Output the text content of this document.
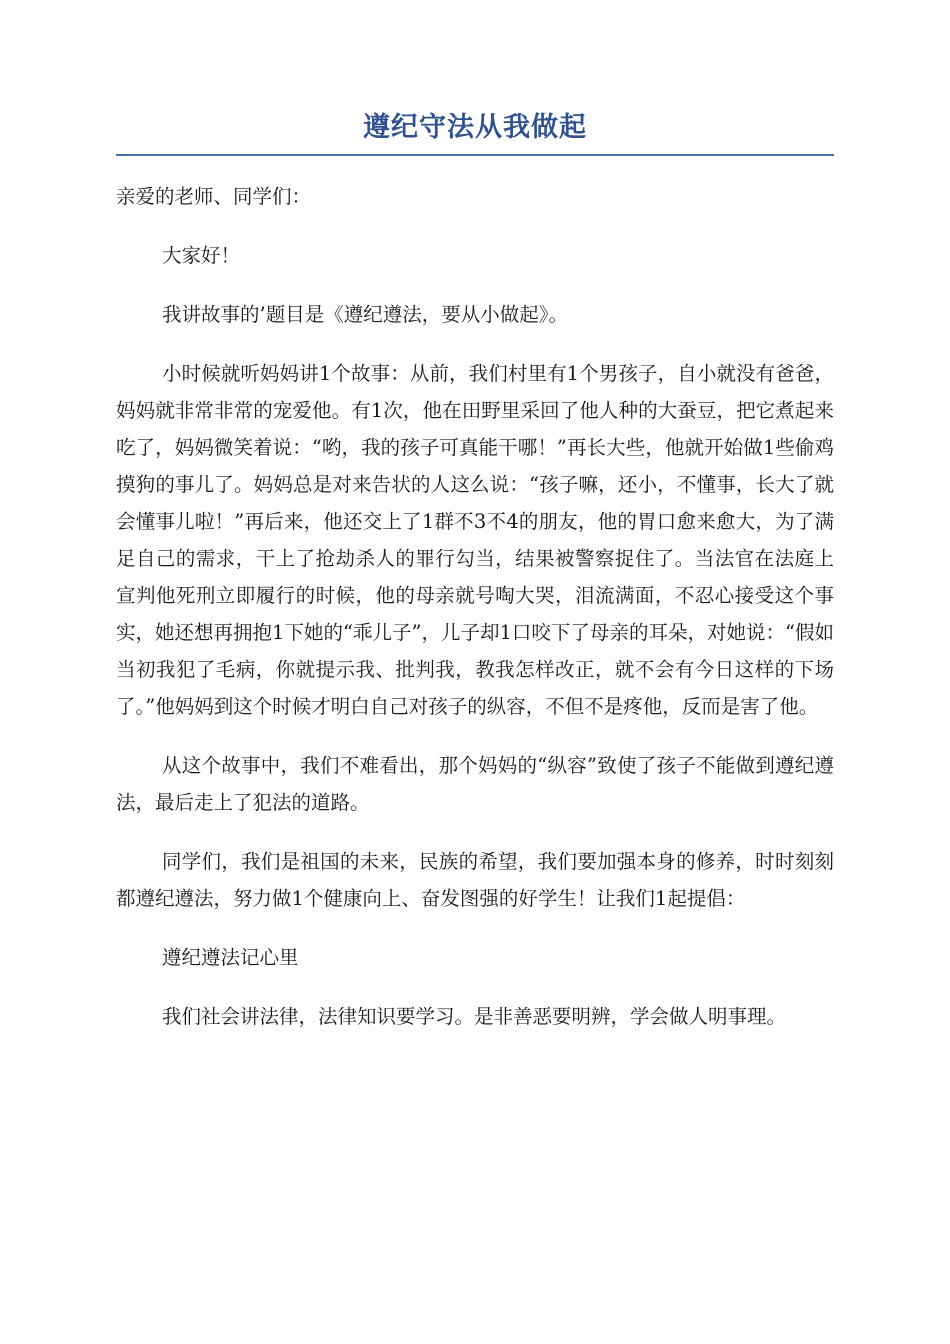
遵纪守法从我做起

亲爱的老师、同学们：

大家好！

我讲故事的’题目是《遵纪遵法，要从小做起》。

小时候就听妈妈讲1个故事：从前，我们村里有1个男孩子，自小就没有爸爸，妈妈就非常非常的宠爱他。有1次，他在田野里采回了他人种的大蚕豆，把它煮起来吃了，妈妈微笑着说：“哟，我的孩子可真能干哪！”再长大些，他就开始做1些偷鸡摸狗的事儿了。妈妈总是对来告状的人这么说：“孩子嘛，还小，不懂事，长大了就会懂事儿啦！”再后来，他还交上了1群不3不4的朋友，他的胃口愈来愈大，为了满足自己的需求，干上了抢劫杀人的罪行勾当，结果被警察捉住了。当法官在法庭上宣判他死刑立即履行的时候，他的母亲就号啕大哭，泪流满面，不忍心接受这个事实，她还想再拥抱1下她的“乖儿子”，儿子却1口咬下了母亲的耳朵，对她说：“假如当初我犯了毛病，你就提示我、批判我，教我怎样改正，就不会有今日这样的下场了。”他妈妈到这个时候才明白自己对孩子的纵容，不但不是疼他，反而是害了他。

从这个故事中，我们不难看出，那个妈妈的“纵容”致使了孩子不能做到遵纪遵法，最后走上了犯法的道路。

同学们，我们是祖国的未来，民族的希望，我们要加强本身的修养，时时刻刻都遵纪遵法，努力做1个健康向上、奋发图强的好学生！让我们1起提倡：

遵纪遵法记心里

我们社会讲法律，法律知识要学习。是非善恶要明辨，学会做人明事理。
